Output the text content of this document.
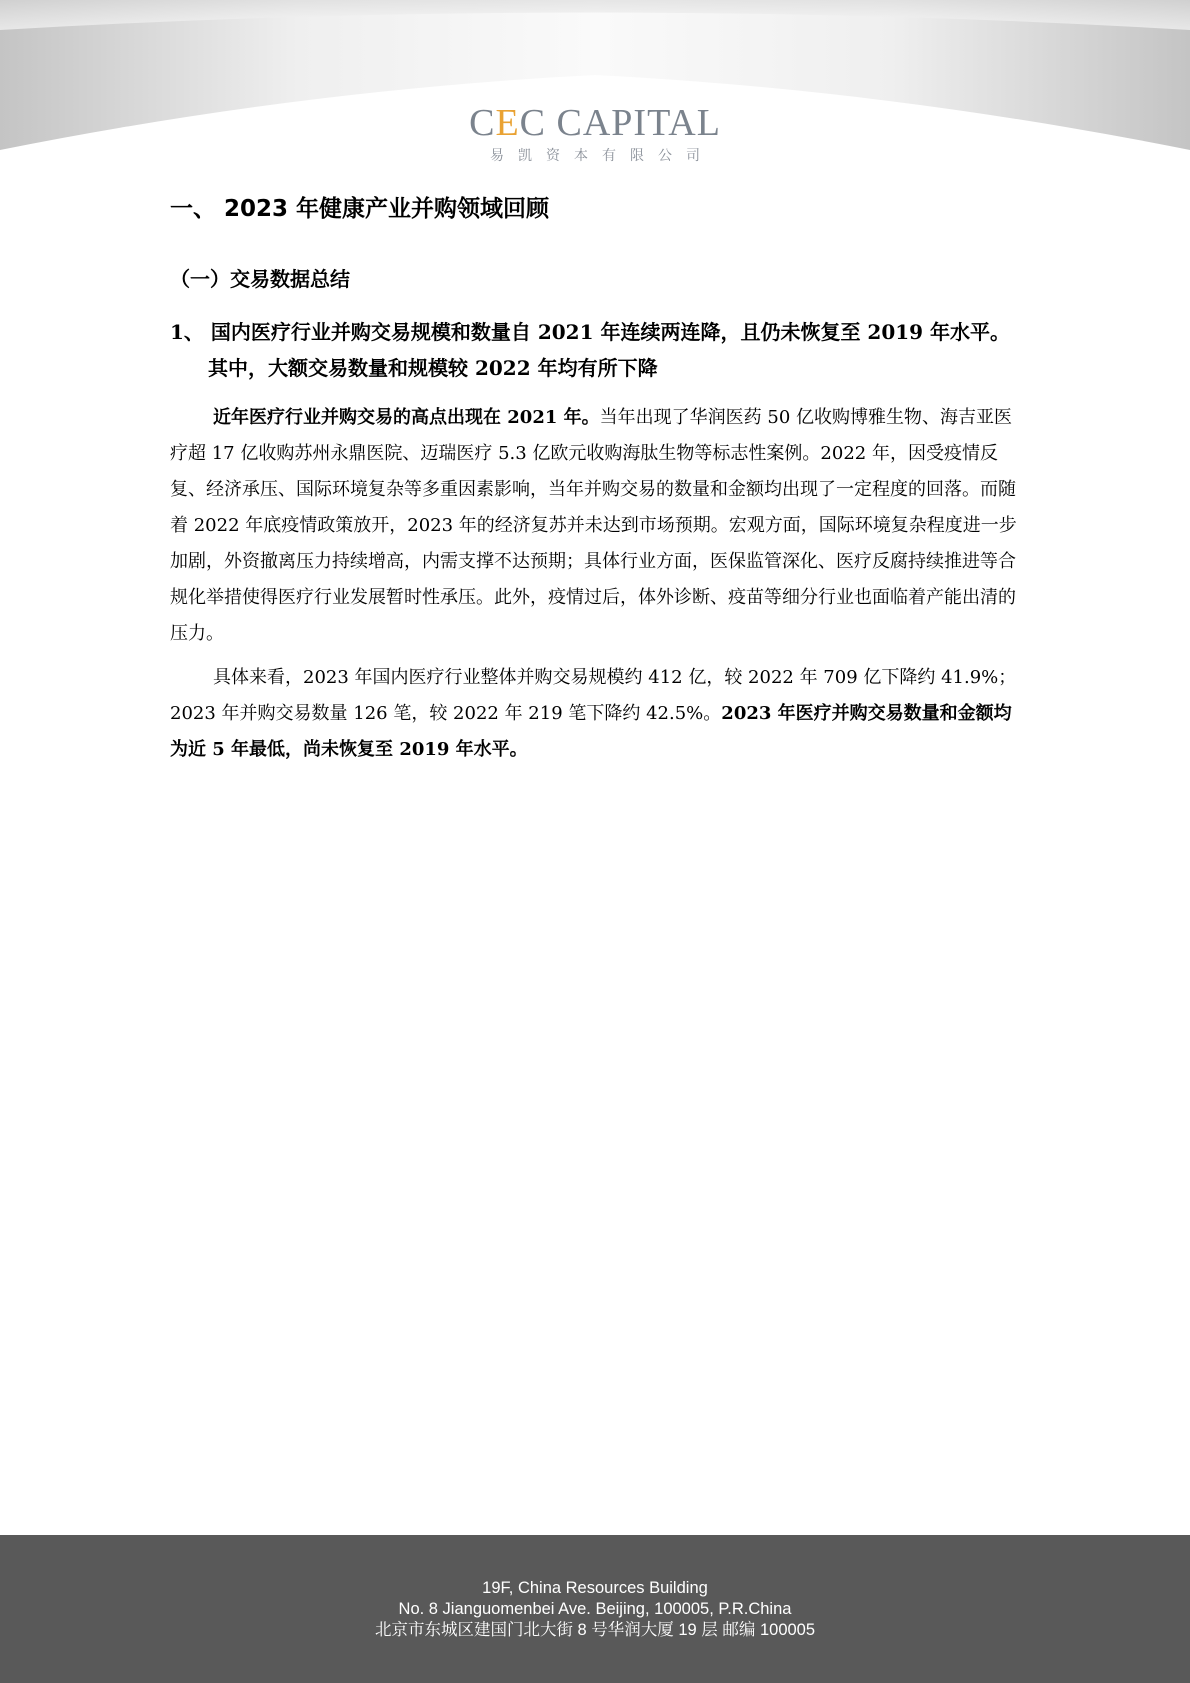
CEC CAPITAL
易凯资本有限公司
一、 2023 年健康产业并购领域回顾
（一）交易数据总结
1、 国内医疗行业并购交易规模和数量自 2021 年连续两连降，且仍未恢复至 2019 年水平。其中，大额交易数量和规模较 2022 年均有所下降

近年医疗行业并购交易的高点出现在 2021 年。当年出现了华润医药 50 亿收购博雅生物、海吉亚医疗超 17 亿收购苏州永鼎医院、迈瑞医疗 5.3 亿欧元收购海肽生物等标志性案例。2022 年，因受疫情反复、经济承压、国际环境复杂等多重因素影响，当年并购交易的数量和金额均出现了一定程度的回落。而随着 2022 年底疫情政策放开，2023 年的经济复苏并未达到市场预期。宏观方面，国际环境复杂程度进一步加剧，外资撤离压力持续增高，内需支撑不达预期；具体行业方面，医保监管深化、医疗反腐持续推进等合规化举措使得医疗行业发展暂时性承压。此外，疫情过后，体外诊断、疫苗等细分行业也面临着产能出清的压力。

具体来看，2023 年国内医疗行业整体并购交易规模约 412 亿，较 2022 年 709 亿下降约 41.9%；2023 年并购交易数量 126 笔，较 2022 年 219 笔下降约 42.5%。2023 年医疗并购交易数量和金额均为近 5 年最低，尚未恢复至 2019 年水平。

19F, China Resources Building
No. 8 Jianguomenbei Ave. Beijing, 100005, P.R.China
北京市东城区建国门北大街 8 号华润大厦 19 层 邮编 100005
